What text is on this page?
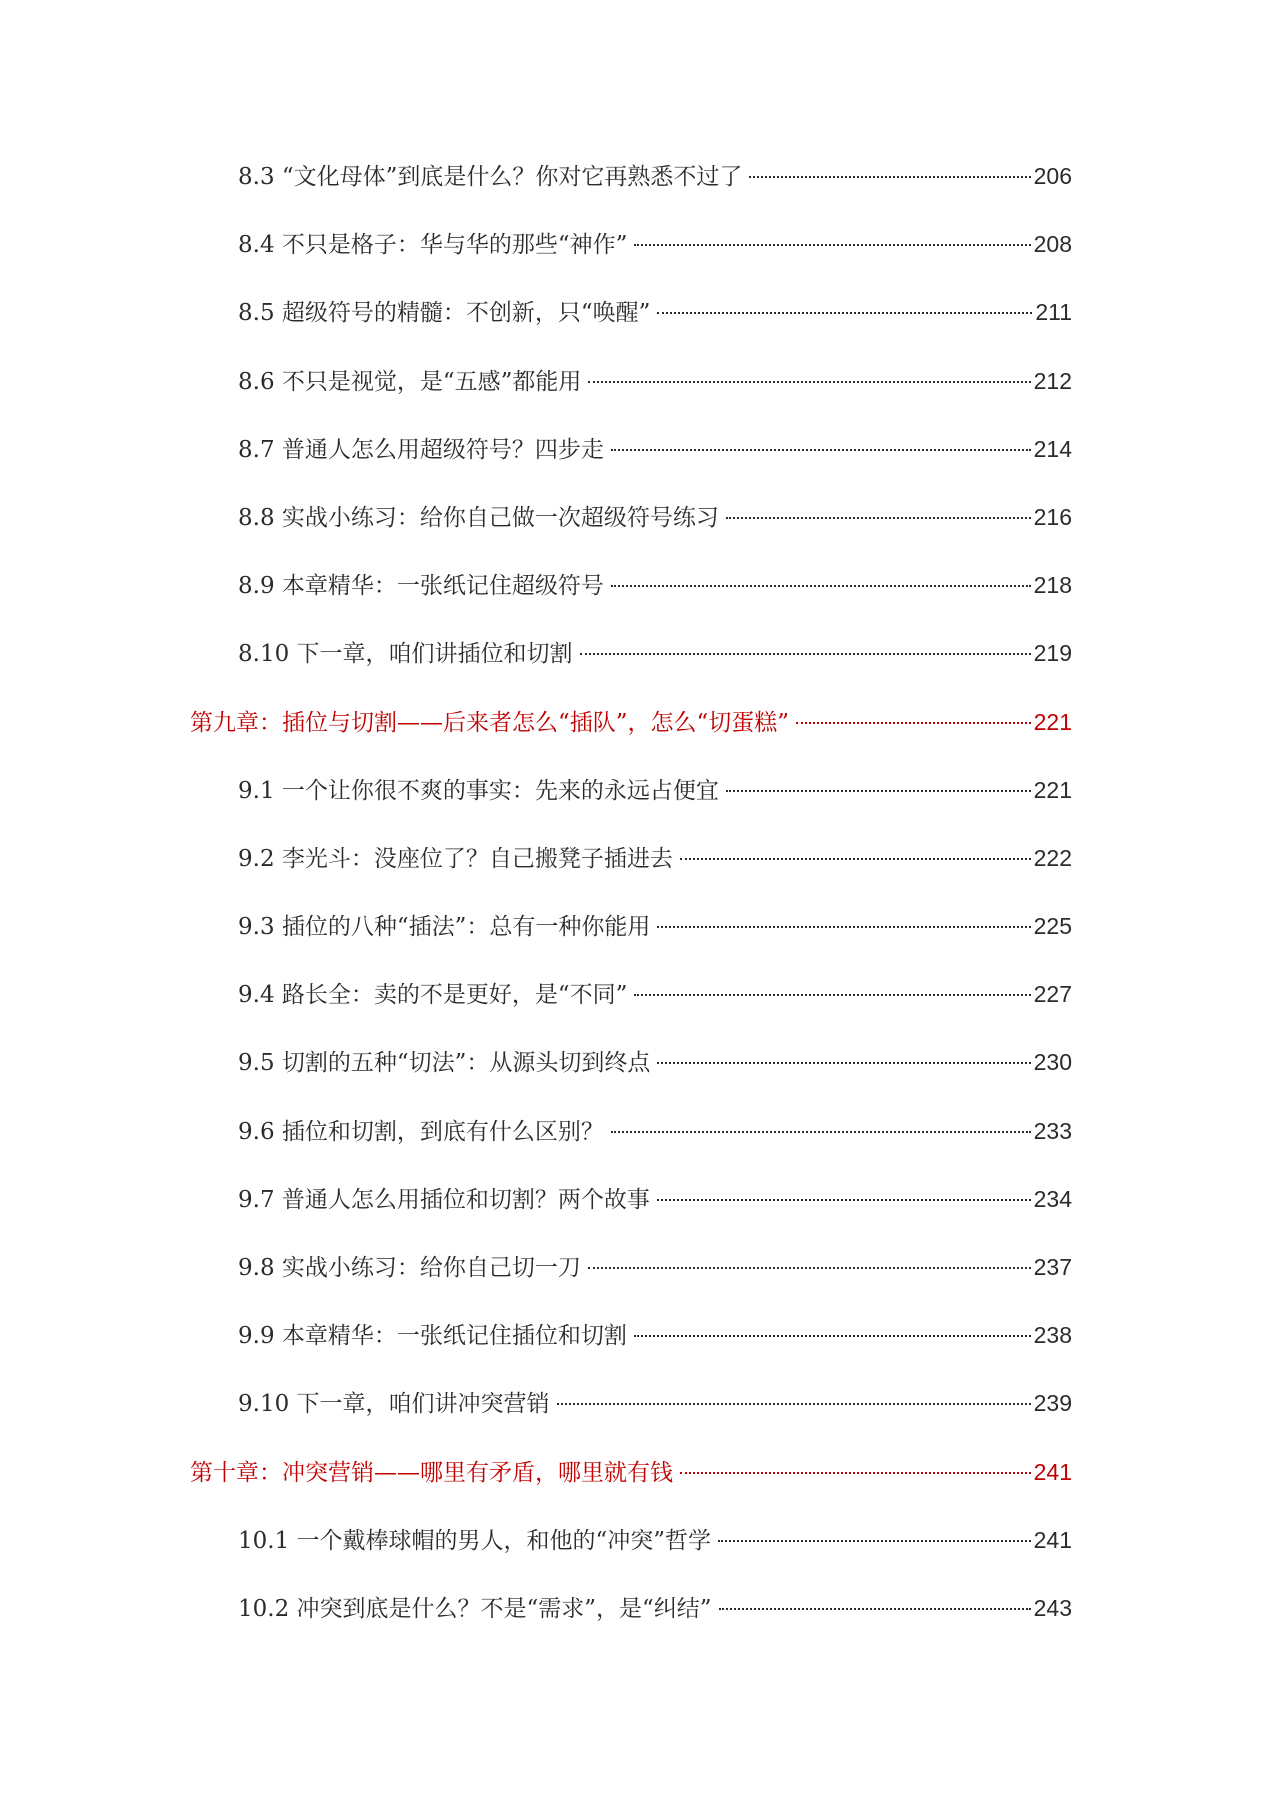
8.3 “文化母体”到底是什么？你对它再熟悉不过了	206
8.4 不只是格子：华与华的那些“神作”	208
8.5 超级符号的精髓：不创新，只“唤醒”	211
8.6 不只是视觉，是“五感”都能用	212
8.7 普通人怎么用超级符号？四步走	214
8.8 实战小练习：给你自己做一次超级符号练习	216
8.9 本章精华：一张纸记住超级符号	218
8.10 下一章，咱们讲插位和切割	219
第九章：插位与切割——后来者怎么“插队”，怎么“切蛋糕”	221
9.1 一个让你很不爽的事实：先来的永远占便宜	221
9.2 李光斗：没座位了？自己搬凳子插进去	222
9.3 插位的八种“插法”：总有一种你能用	225
9.4 路长全：卖的不是更好，是“不同”	227
9.5 切割的五种“切法”：从源头切到终点	230
9.6 插位和切割，到底有什么区别？	233
9.7 普通人怎么用插位和切割？两个故事	234
9.8 实战小练习：给你自己切一刀	237
9.9 本章精华：一张纸记住插位和切割	238
9.10 下一章，咱们讲冲突营销	239
第十章：冲突营销——哪里有矛盾，哪里就有钱	241
10.1 一个戴棒球帽的男人，和他的“冲突”哲学	241
10.2 冲突到底是什么？不是“需求”，是“纠结”	243
